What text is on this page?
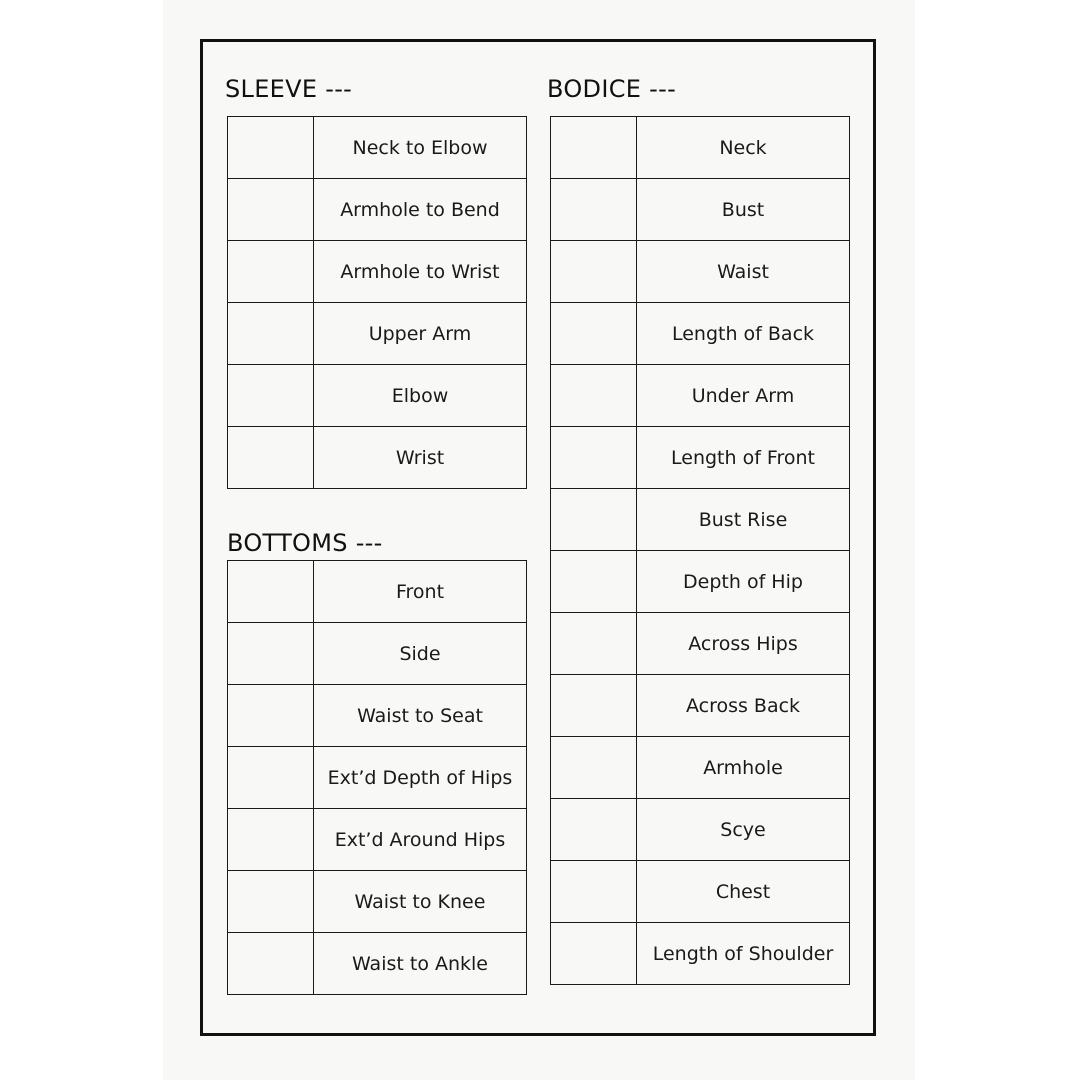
SLEEVE ---
	Neck to Elbow
	Armhole to Bend
	Armhole to Wrist
	Upper Arm
	Elbow
	Wrist
BOTTOMS ---
	Front
	Side
	Waist to Seat
	Ext’d Depth of Hips
	Ext’d Around Hips
	Waist to Knee
	Waist to Ankle
BODICE ---
	Neck
	Bust
	Waist
	Length of Back
	Under Arm
	Length of Front
	Bust Rise
	Depth of Hip
	Across Hips
	Across Back
	Armhole
	Scye
	Chest
	Length of Shoulder
